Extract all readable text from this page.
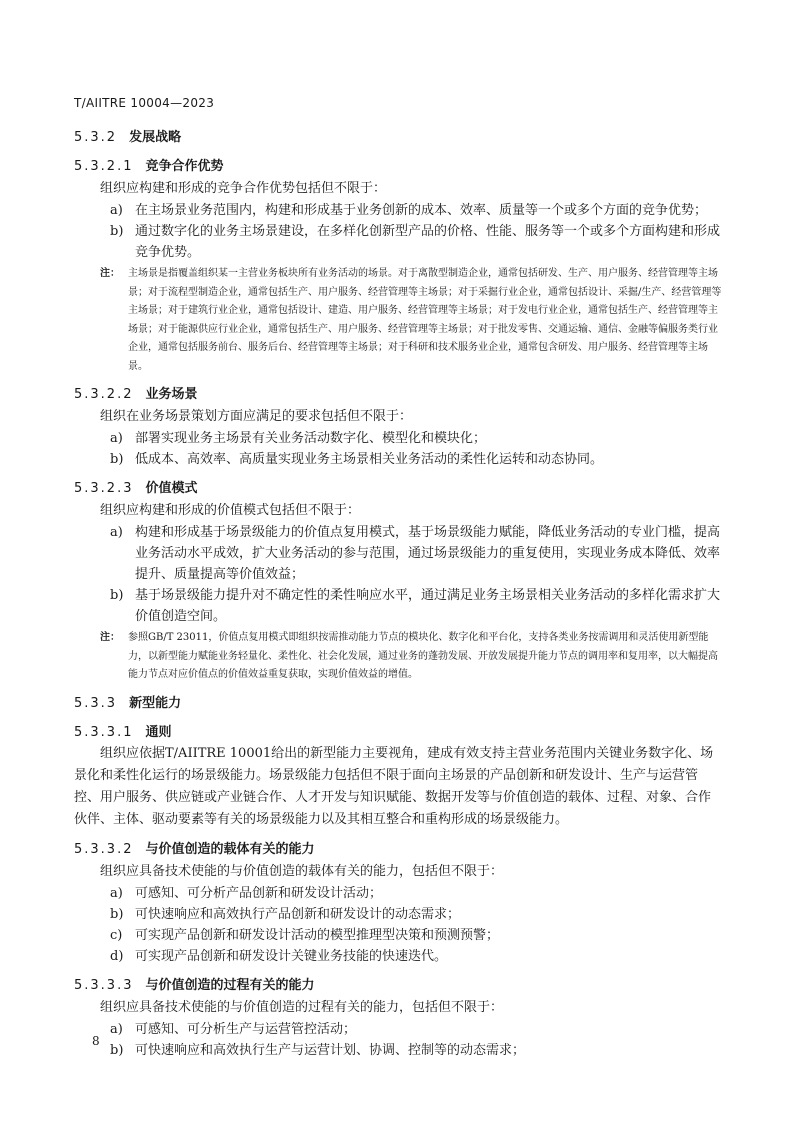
T/AIITRE 10004—2023
5.3.2 发展战略
5.3.2.1 竞争合作优势

组织应构建和形成的竞争合作优势包括但不限于：

a) 在主场景业务范围内，构建和形成基于业务创新的成本、效率、质量等一个或多个方面的竞争优势；
b) 通过数字化的业务主场景建设，在多样化创新型产品的价格、性能、服务等一个或多个方面构建和形成竞争优势。
注： 主场景是指覆盖组织某一主营业务板块所有业务活动的场景。对于离散型制造企业，通常包括研发、生产、用户服务、经营管理等主场景；对于流程型制造企业，通常包括生产、用户服务、经营管理等主场景；对于采掘行业企业，通常包括设计、采掘/生产、经营管理等主场景；对于建筑行业企业，通常包括设计、建造、用户服务、经营管理等主场景；对于发电行业企业，通常包括生产、经营管理等主场景；对于能源供应行业企业，通常包括生产、用户服务、经营管理等主场景；对于批发零售、交通运输、通信、金融等偏服务类行业企业，通常包括服务前台、服务后台、经营管理等主场景；对于科研和技术服务业企业，通常包含研发、用户服务、经营管理等主场景。
5.3.2.2 业务场景

组织在业务场景策划方面应满足的要求包括但不限于：

a) 部署实现业务主场景有关业务活动数字化、模型化和模块化；
b) 低成本、高效率、高质量实现业务主场景相关业务活动的柔性化运转和动态协同。
5.3.2.3 价值模式

组织应构建和形成的价值模式包括但不限于：

a) 构建和形成基于场景级能力的价值点复用模式，基于场景级能力赋能，降低业务活动的专业门槛，提高业务活动水平成效，扩大业务活动的参与范围，通过场景级能力的重复使用，实现业务成本降低、效率提升、质量提高等价值效益；
b) 基于场景级能力提升对不确定性的柔性响应水平，通过满足业务主场景相关业务活动的多样化需求扩大价值创造空间。
注： 参照GB/T 23011，价值点复用模式即组织按需推动能力节点的模块化、数字化和平台化，支持各类业务按需调用和灵活使用新型能力，以新型能力赋能业务轻量化、柔性化、社会化发展，通过业务的蓬勃发展、开放发展提升能力节点的调用率和复用率，以大幅提高能力节点对应价值点的价值效益重复获取，实现价值效益的增值。
5.3.3 新型能力
5.3.3.1 通则

组织应依据T/AIITRE 10001给出的新型能力主要视角，建成有效支持主营业务范围内关键业务数字化、场景化和柔性化运行的场景级能力。场景级能力包括但不限于面向主场景的产品创新和研发设计、生产与运营管控、用户服务、供应链或产业链合作、人才开发与知识赋能、数据开发等与价值创造的载体、过程、对象、合作伙伴、主体、驱动要素等有关的场景级能力以及其相互整合和重构形成的场景级能力。

5.3.3.2 与价值创造的载体有关的能力

组织应具备技术使能的与价值创造的载体有关的能力，包括但不限于：

a) 可感知、可分析产品创新和研发设计活动；
b) 可快速响应和高效执行产品创新和研发设计的动态需求；
c) 可实现产品创新和研发设计活动的模型推理型决策和预测预警；
d) 可实现产品创新和研发设计关键业务技能的快速迭代。
5.3.3.3 与价值创造的过程有关的能力

组织应具备技术使能的与价值创造的过程有关的能力，包括但不限于：

a) 可感知、可分析生产与运营管控活动；
b) 可快速响应和高效执行生产与运营计划、协调、控制等的动态需求；
8
